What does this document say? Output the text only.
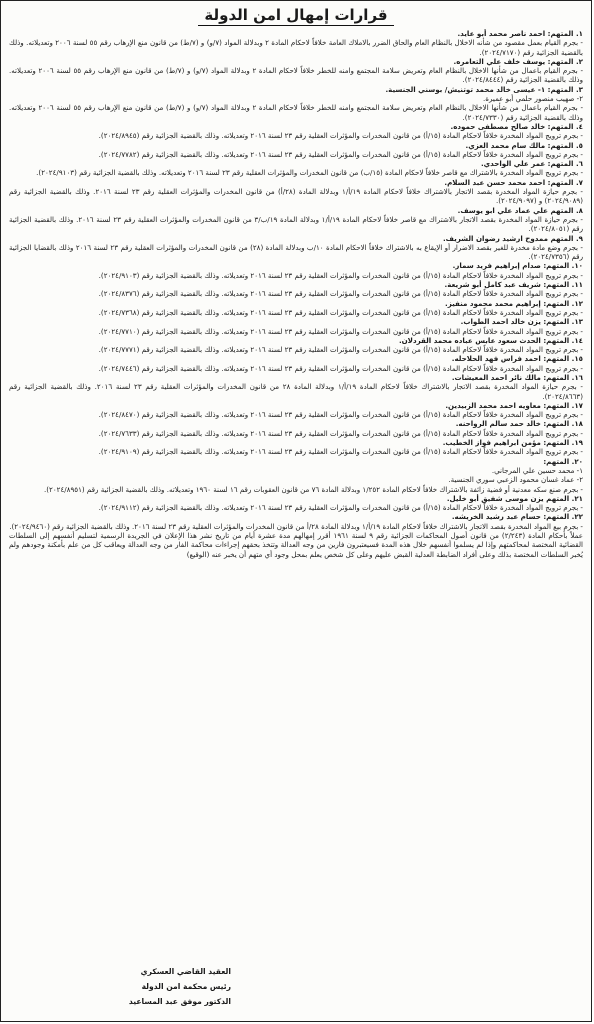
قرارات إمهال امن الدولة

١. المتهم: احمد ناصر محمد أبو عايد.

- بجرم القيام بعمل مقصود من شأنه الاخلال بالنظام العام والحاق الضرر بالاملاك العامة خلافاً لاحكام المادة ٢ وبدلالة المواد (٧/و) و (٧/ط) من قانون منع الإرهاب رقم ٥٥ لسنة ٢٠٠٦ وتعديلاته. وذلك بالقضية الجزائية رقم (٢٠٢٤/٧١٧٠).

٢. المتهم: يوسف خلف علي التعامره.

- بجرم القيام باعمال من شأنها الاخلال بالنظام العام وتعريض سلامة المجتمع وامنه للخطر خلافاً لاحكام المادة ٢ وبدلالة المواد (٧/و) و (٧/ط) من قانون منع الإرهاب رقم ٥٥ لسنة ٢٠٠٦ وتعديلاته. وذلك بالقضية الجزائية رقم (٢٠٢٤/٨٤٤٤).

٣. المتهم: ١- عيسى خالد محمد توتنيش/ بوسني الجنسية.

٢- صهيب منصور حلمي أبو عميرة.
- بجرم القيام باعمال من شأنها الاخلال بالنظام العام وتعريض سلامة المجتمع وامنه للخطر خلافاً لاحكام المادة ٢ وبدلالة المواد (٧/و) و (٧/ط) من قانون منع الإرهاب رقم ٥٥ لسنة ٢٠٠٦ وتعديلاته. وذلك بالقضية الجزائية رقم (٢٠٢٤/٧٣٣٠).

٤. المتهم: خالد صالح مصطفى حموده.

- بجرم ترويج المواد المخدرة خلافاً لاحكام المادة (١٥/أ) من قانون المخدرات والمؤثرات العقلية رقم ٢٣ لسنة ٢٠١٦ وتعديلاته. وذلك بالقضية الجزائية رقم (٢٠٢٤/٨٩٤٥).

٥. المتهم: مالك سام محمد العزي.

- بجرم ترويج المواد المخدرة خلافاً لاحكام المادة (١٥/أ) من قانون المخدرات والمؤثرات العقلية رقم ٢٣ لسنة ٢٠١٦ وتعديلاته. وذلك بالقضية الجزائية رقم (٢٠٢٤/٧٧٨٢).

٦. المتهم: عمر علي الواحدي.

- بجرم ترويج المواد المخدرة بالاشتراك مع قاصر خلافاً لاحكام المادة (١٥/ب) من قانون المخدرات والمؤثرات العقلية رقم ٢٣ لسنة ٢٠١٦ وتعديلاته. وذلك بالقضية الجزائية رقم (٢٠٢٤/٩١٠٣).

٧. المتهم: احمد محمد حسن عبد السلام.

- بجرم حيازة المواد المخدرة بقصد الاتجار بالاشتراك خلافاً لاحكام المادة ١٩/أ/١ وبدلالة المادة (٢٨/أ) من قانون المخدرات والمؤثرات العقلية رقم ٢٣ لسنة ٢٠١٦. وذلك بالقضية الجزائية رقم (٢٠٢٤/٩٠٨٩) و (٢٠٢٤/٩٠٩٧).

٨. المتهم علي عماد علي ابو يوسف.

- بجرم حيازة المواد المخدرة بقصد الاتجار بالاشتراك مع قاصر خلافاً لاحكام المادة ١٩/أ/١ وبدلالة المادة ١٩/ب/٣ من قانون المخدرات والمؤثرات العقلية رقم ٢٣ لسنة ٢٠١٦. وذلك بالقضية الجزائية رقم (٢٠٢٤/٨٠٥١).

٩. المتهم ممدوح ارشيد رضوان الشريف.

- بجرم وضع مادة مخدرة للغير بقصد الاضرار أو الإيقاع به بالاشتراك خلافاً الاحكام المادة ١٠/ب وبدلالة المادة (٢٨) من قانون المخدرات والمؤثرات العقلية رقم ٢٣ لسنة ٢٠١٦ وذلك بالقضايا الجزائية رقم (٢٠٢٤/٧٣٥٦).

١٠. المتهم: صدام إبراهيم فريد سمار.

- بجرم ترويج المواد المخدرة خلافاً لاحكام المادة (١٥/أ) من قانون المخدرات والمؤثرات العقلية رقم ٢٣ لسنة ٢٠١٦ وتعديلاته. وذلك بالقضية الجزائية رقم (٢٠٢٤/٩١٠٣).

١١. المتهم: شريف عبد كامل أبو شريعة.

- بجرم ترويج المواد المخدرة خلافاً لاحكام المادة (١٥/أ) من قانون المخدرات والمؤثرات العقلية رقم ٢٣ لسنة ٢٠١٦ وتعديلاته. وذلك بالقضية الجزائية رقم (٢٠٢٤/٨٣٧٦).

١٢. المتهم: إبراهيم محمد محمود منفيز.

- بجرم ترويج المواد المخدرة خلافاً لاحكام المادة (١٥/أ) من قانون المخدرات والمؤثرات العقلية رقم ٢٣ لسنة ٢٠١٦ وتعديلاته. وذلك بالقضية الجزائية رقم (٢٠٢٤/٧٣٦٨).

١٣. المتهم: يزن خالد احمد الطواب.

- بجرم ترويج المواد المخدرة خلافاً لاحكام المادة (١٥/أ) من قانون المخدرات والمؤثرات العقلية رقم ٢٣ لسنة ٢٠١٦ وتعديلاته. وذلك بالقضية الجزائية رقم (٢٠٢٤/٧٧١٠).

١٤. المتهم: الحدث سعود عابس عباده محمد القردلان.

- بجرم ترويج المواد المخدرة خلافاً لاحكام المادة (١٥/أ) من قانون المخدرات والمؤثرات العقلية رقم ٢٣ لسنة ٢٠١٦ وتعديلاته. وذلك بالقضية الجزائية رقم (٢٠٢٤/٧٧٧١).

١٥. المتهم: احمد فراس فهد الحلاحله.

- بجرم ترويج المواد المخدرة خلافاً لاحكام المادة (١٥/أ) من قانون المخدرات والمؤثرات العقلية رقم ٢٣ لسنة ٢٠١٦ وتعديلاته. وذلك بالقضية الجزائية رقم (٢٠٢٤/٧٤٤٦).

١٦. المتهم: مالك نائر احمد المعيشات.

- بجرم حيازة المواد المخدرة بقصد الاتجار بالاشتراك خلافاً لاحكام المادة ١٩/أ/١ وبدلالة المادة ٢٨ من قانون المخدرات والمؤثرات العقلية رقم ٢٣ لسنة ٢٠١٦. وذلك بالقضية الجزائية رقم (٢٠٢٤/٨٦٦٣).

١٧. المتهم: معاويه احمد محمد الزبيدين.

- بجرم ترويج المواد المخدرة خلافاً لاحكام المادة (١٥/أ) من قانون المخدرات والمؤثرات العقلية رقم ٢٣ لسنة ٢٠١٦ وتعديلاته. وذلك بالقضية الجزائية رقم (٢٠٢٤/٨٤٧٠).

١٨. المتهم: خالد حمد سالم الرواحنه.

- بجرم ترويج المواد المخدرة خلافاً لاحكام المادة (١٥/أ) من قانون المخدرات والمؤثرات العقلية رقم ٢٣ لسنة ٢٠١٦ وتعديلاته. وذلك بالقضية الجزائية رقم (٢٠٢٤/٧٦٣٣).

١٩. المتهم: مؤمن ابراهيم فواز الخطيب.

- بجرم ترويج المواد المخدرة خلافاً لاحكام المادة (١٥/أ) من قانون المخدرات والمؤثرات العقلية رقم ٢٣ لسنة ٢٠١٦ وتعديلاته. وذلك بالقضية الجزائية رقم (٢٠٢٤/٩١٠٩).

٢٠. المتهم:

١- محمد حسين علي المرجاني.
٢- عماد غسان محمود الزعبي سوري الجنسية.
- بجرم صنع سكه معدنية أو فضية زائفة بالاشتراك خلافاً لاحكام المادة ١/٢٥٢ وبدلالة المادة ٧٦ من قانون العقوبات رقم ١٦ لسنة ١٩٦٠ وتعديلاته. وذلك بالقضية الجزائية رقم (٢٠٢٤/٨٩٥١).

٢١. المتهم يزن موسى شفيق أبو خليل.

- بجرم ترويج المواد المخدرة خلافاً لاحكام المادة (١٥/أ) من قانون المخدرات والمؤثرات العقلية رقم ٢٣ لسنة ٢٠١٦ وتعديلاته. وذلك بالقضية الجزائية رقم (٢٠٢٤/٩١١٢).

٢٢. المتهم: حسام عبد رشيد الخريشه.

- بجرم بيع المواد المخدرة بقصد الاتجار بالاشتراك خلافاً لاحكام المادة ١٩/أ/١ وبدلالة المادة ٢٨/أ من قانون المخدرات والمؤثرات العقلية رقم ٢٣ لسنة ٢٠١٦. وذلك بالقضية الجزائية رقم (٢٠٢٤/٩٤٦٠).

عملاً بأحكام المادة (٢/٢٤٣) من قانون أصول المحاكمات الجزائية رقم ٩ لسنة ١٩٦١ أقرر إمهالهم مدة عشرة أيام من تاريخ نشر هذا الإعلان في الجريدة الرسمية لتسليم أنفسهم إلى السلطات القضائية المختصة لمحاكمتهم وإذا لم يسلموا أنفسهم خلال هذه المدة فسيعتبرون فارين من وجه العدالة وتتخذ بحقهم إجراءات محاكمة الفار من وجه العدالة ويعاقب كل من علم بأمكنة وجودهم ولم يُخبر السلطات المختصة بذلك وعلى أفراد الضابطة العدلية القبض عليهم وعلى كل شخص يعلم بمحل وجود أي متهم أن يخبر عنه (الوقيع)

العقيد القاضي العسكري
رئيس محكمة امن الدولة
الدكتور موفق عبد المساعيد
